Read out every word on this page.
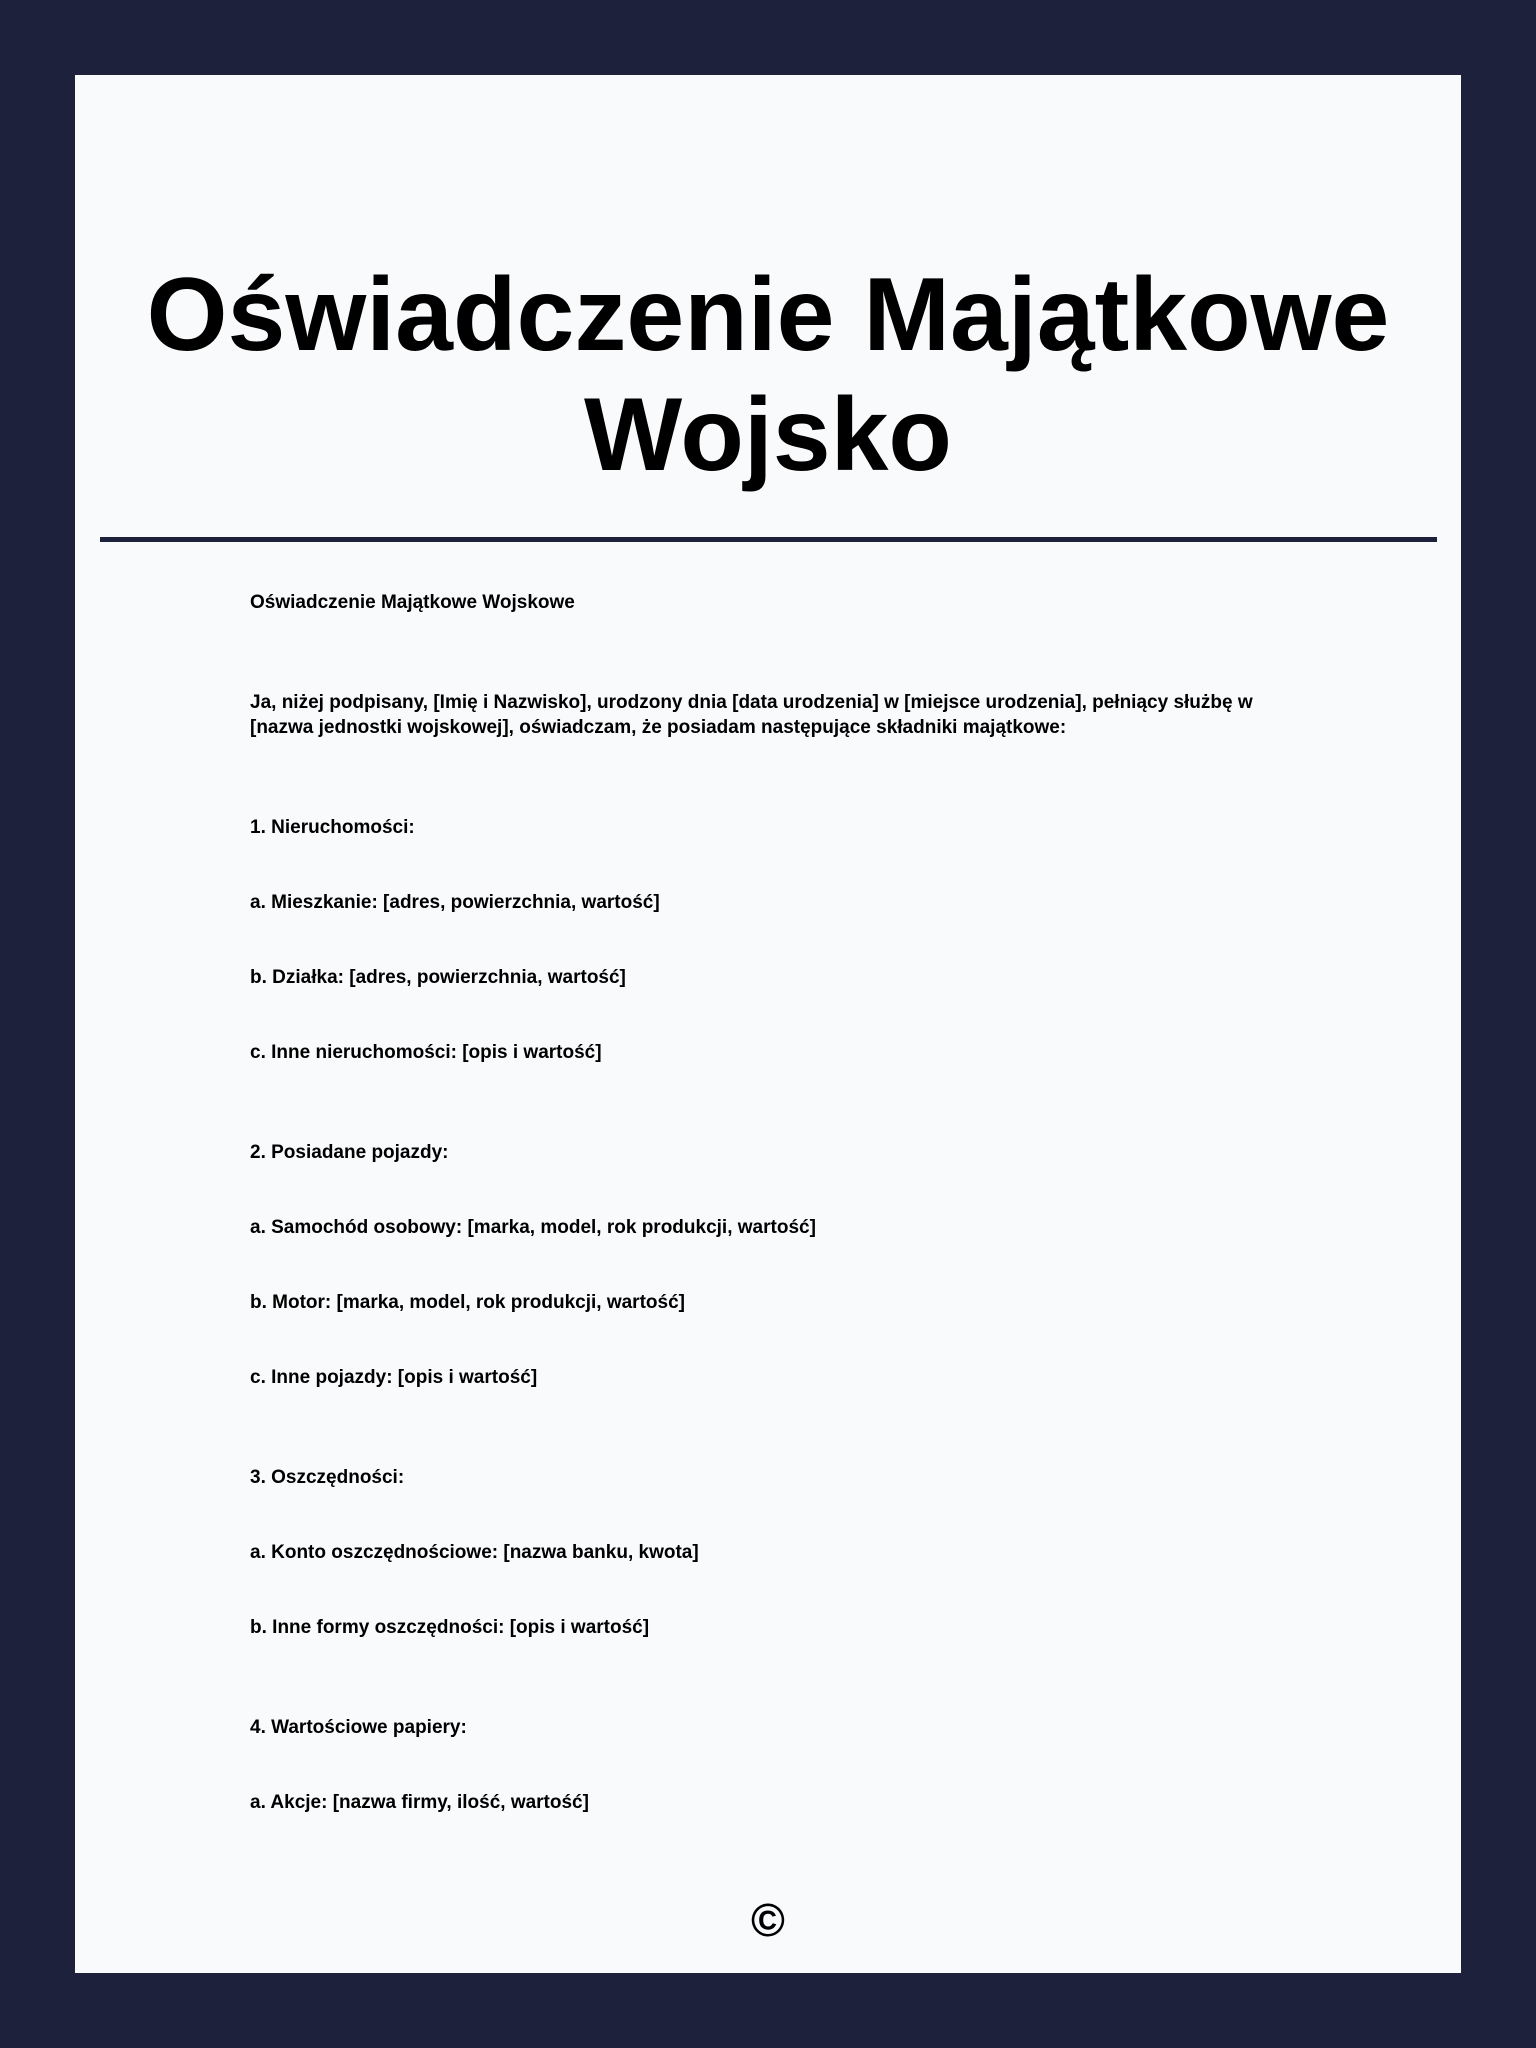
Oświadczenie Majątkowe
Wojsko

Oświadczenie Majątkowe Wojskowe

Ja, niżej podpisany, [Imię i Nazwisko], urodzony dnia [data urodzenia] w [miejsce urodzenia], pełniący służbę w [nazwa jednostki wojskowej], oświadczam, że posiadam następujące składniki majątkowe:

1. Nieruchomości:

a. Mieszkanie: [adres, powierzchnia, wartość]

b. Działka: [adres, powierzchnia, wartość]

c. Inne nieruchomości: [opis i wartość]

2. Posiadane pojazdy:

a. Samochód osobowy: [marka, model, rok produkcji, wartość]

b. Motor: [marka, model, rok produkcji, wartość]

c. Inne pojazdy: [opis i wartość]

3. Oszczędności:

a. Konto oszczędnościowe: [nazwa banku, kwota]

b. Inne formy oszczędności: [opis i wartość]

4. Wartościowe papiery:

a. Akcje: [nazwa firmy, ilość, wartość]

©
